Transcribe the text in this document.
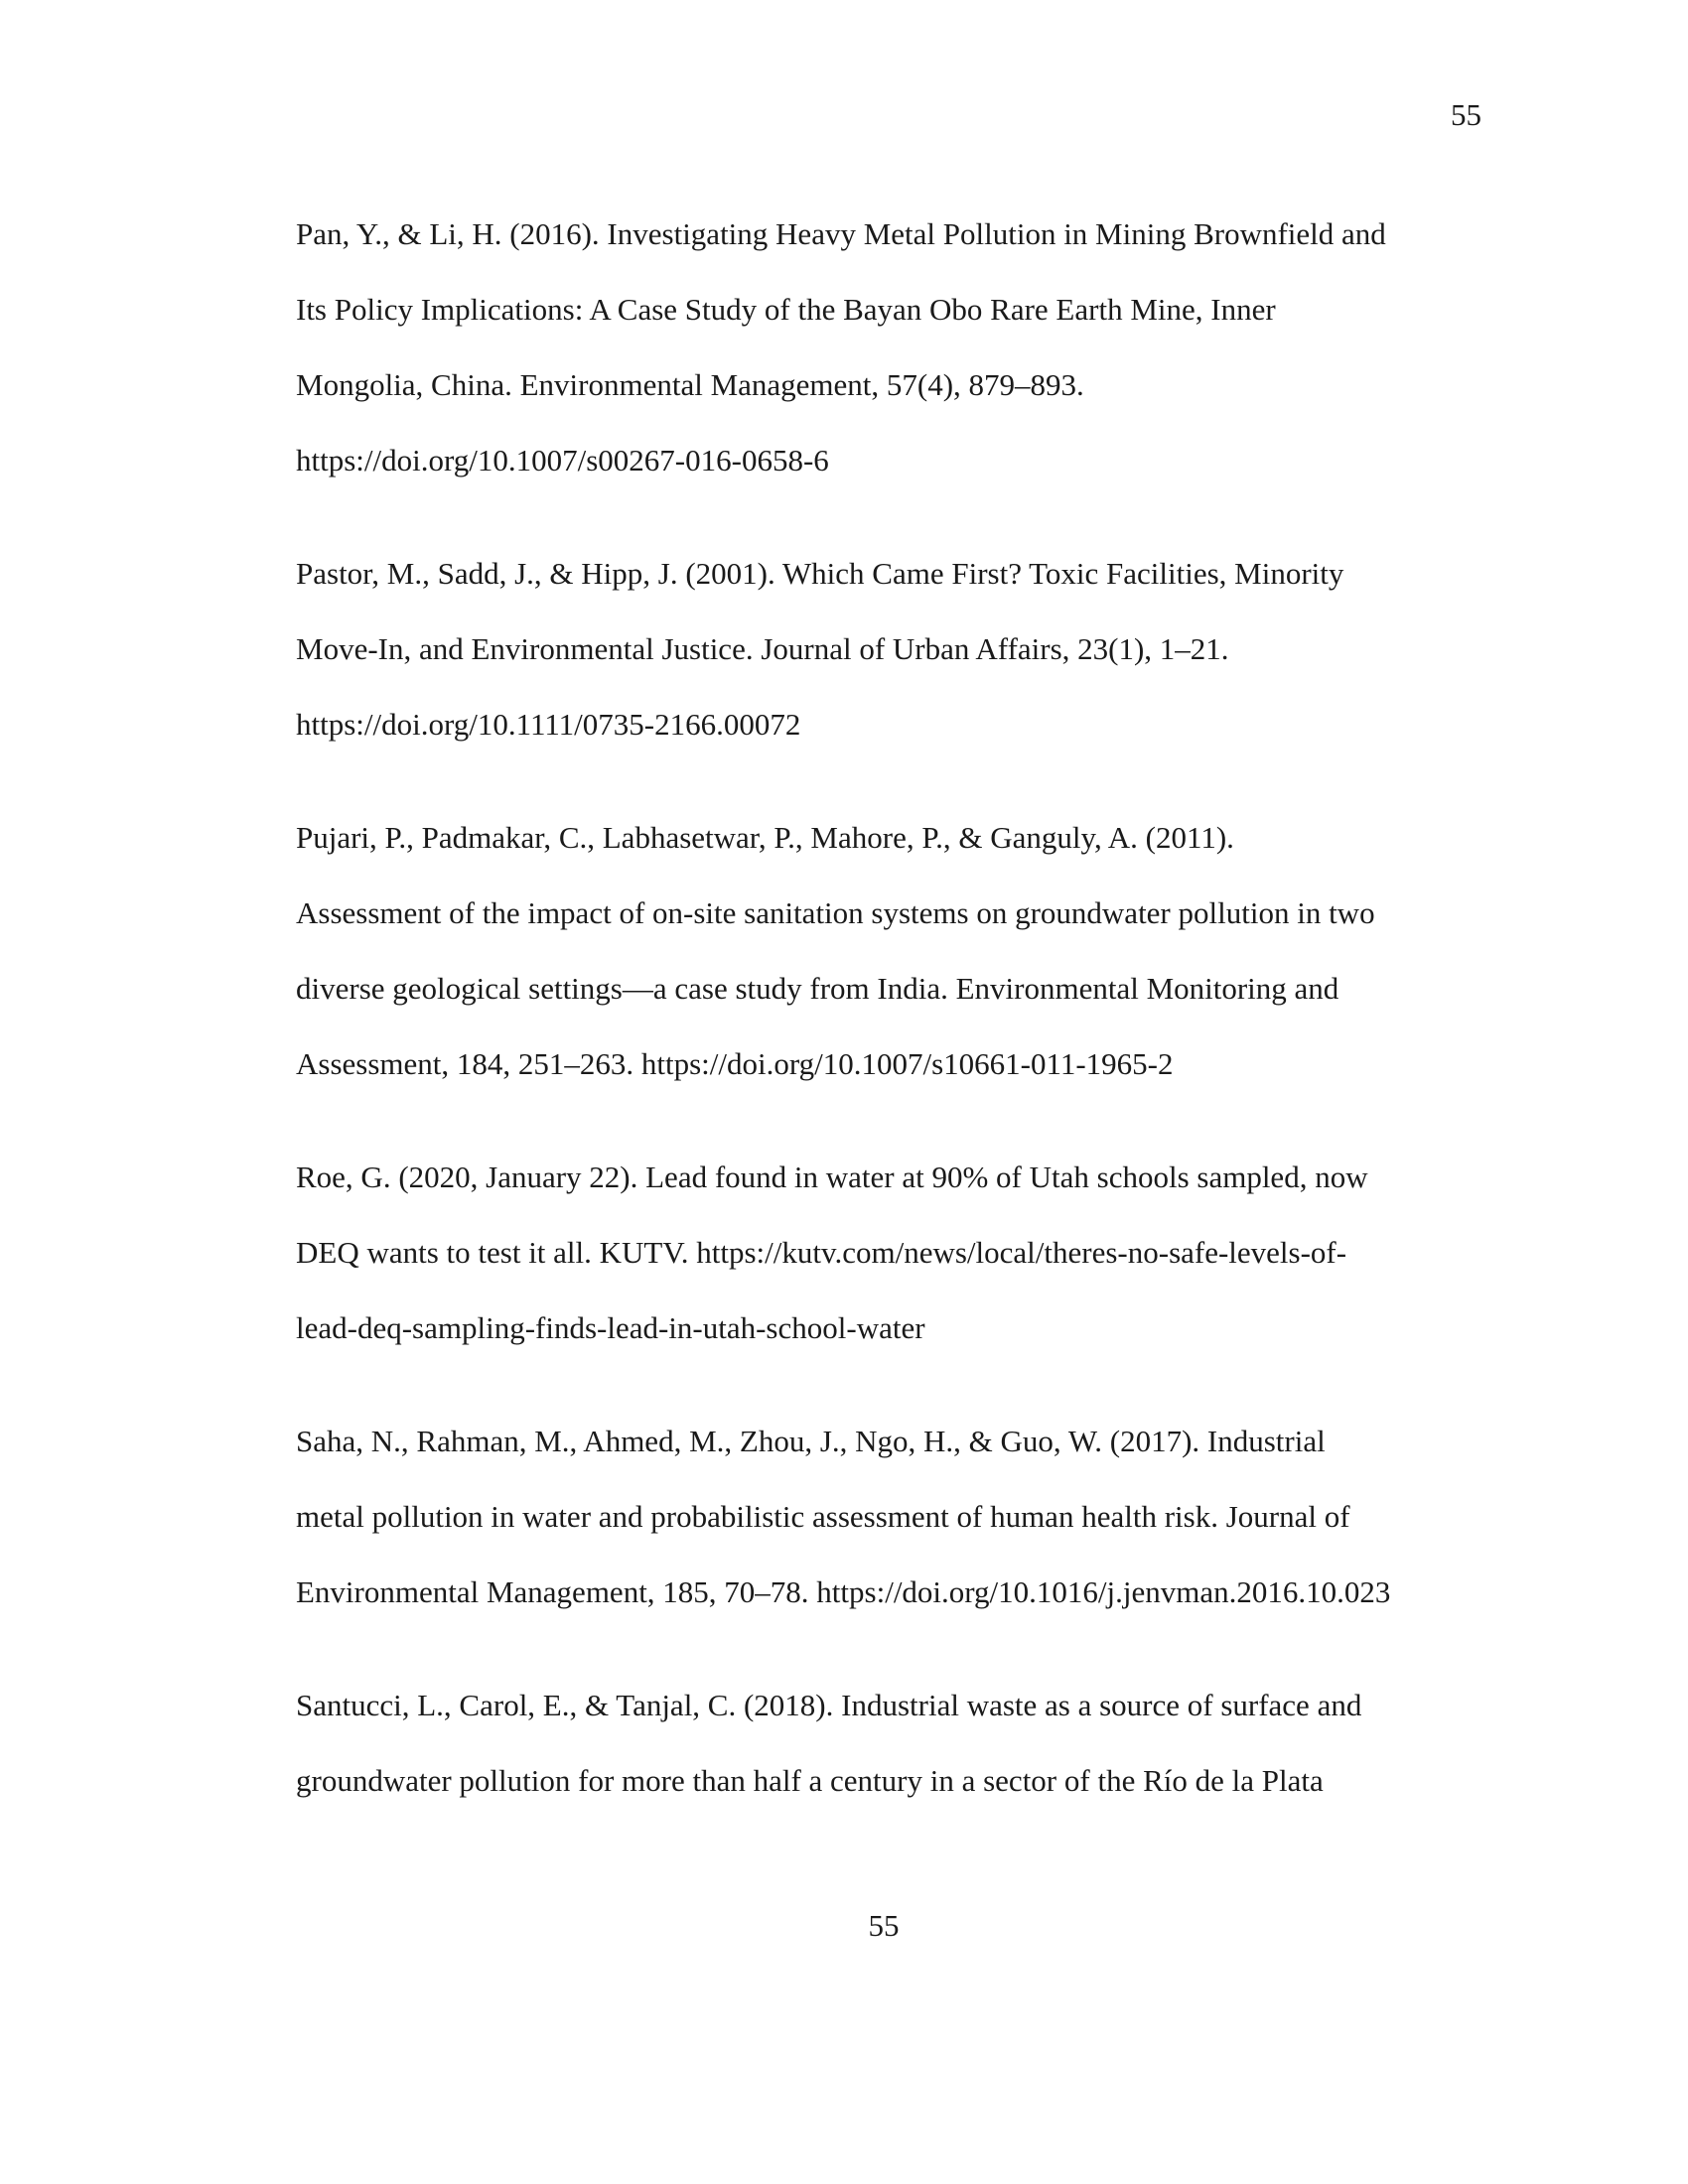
55
Pan, Y., & Li, H. (2016). Investigating Heavy Metal Pollution in Mining Brownfield and
Its Policy Implications: A Case Study of the Bayan Obo Rare Earth Mine, Inner
Mongolia, China. Environmental Management, 57(4), 879–893.
https://doi.org/10.1007/s00267-016-0658-6
Pastor, M., Sadd, J., & Hipp, J. (2001). Which Came First? Toxic Facilities, Minority
Move-In, and Environmental Justice. Journal of Urban Affairs, 23(1), 1–21.
https://doi.org/10.1111/0735-2166.00072
Pujari, P., Padmakar, C., Labhasetwar, P., Mahore, P., & Ganguly, A. (2011).
Assessment of the impact of on-site sanitation systems on groundwater pollution in two
diverse geological settings—a case study from India. Environmental Monitoring and
Assessment, 184, 251–263. https://doi.org/10.1007/s10661-011-1965-2
Roe, G. (2020, January 22). Lead found in water at 90% of Utah schools sampled, now
DEQ wants to test it all. KUTV. https://kutv.com/news/local/theres-no-safe-levels-of-
lead-deq-sampling-finds-lead-in-utah-school-water
Saha, N., Rahman, M., Ahmed, M., Zhou, J., Ngo, H., & Guo, W. (2017). Industrial
metal pollution in water and probabilistic assessment of human health risk. Journal of
Environmental Management, 185, 70–78. https://doi.org/10.1016/j.jenvman.2016.10.023
Santucci, L., Carol, E., & Tanjal, C. (2018). Industrial waste as a source of surface and
groundwater pollution for more than half a century in a sector of the Río de la Plata
55
